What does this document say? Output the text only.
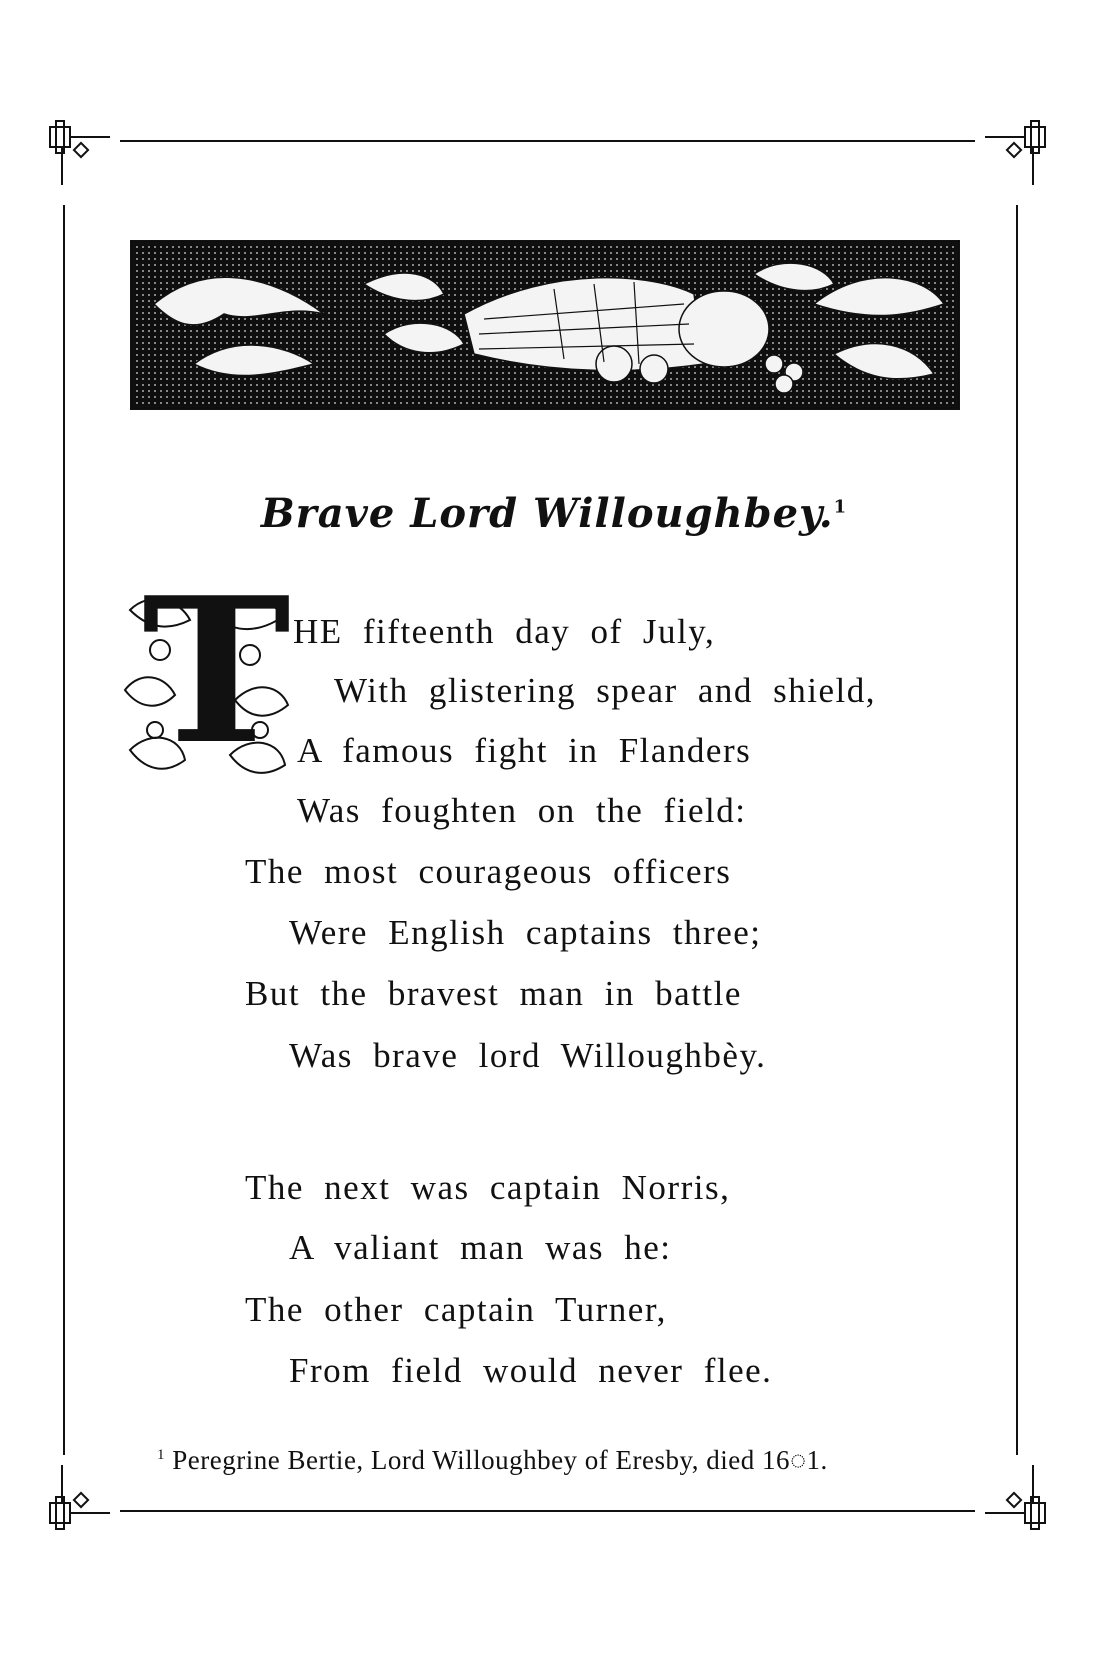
Brave Lord Willoughbey.$^1$
T HE fifteenth day of July,
With glistering spear and shield,
A famous fight in Flanders
Was foughten on the field:
The most courageous officers
Were English captains three;
But the bravest man in battle
Was brave lord Willoughbèy.
The next was captain Norris,
A valiant man was he:
The other captain Turner,
From field would never flee.
$^1$ Peregrine Bertie, Lord Willoughbey of Eresby, died 16◌1.
